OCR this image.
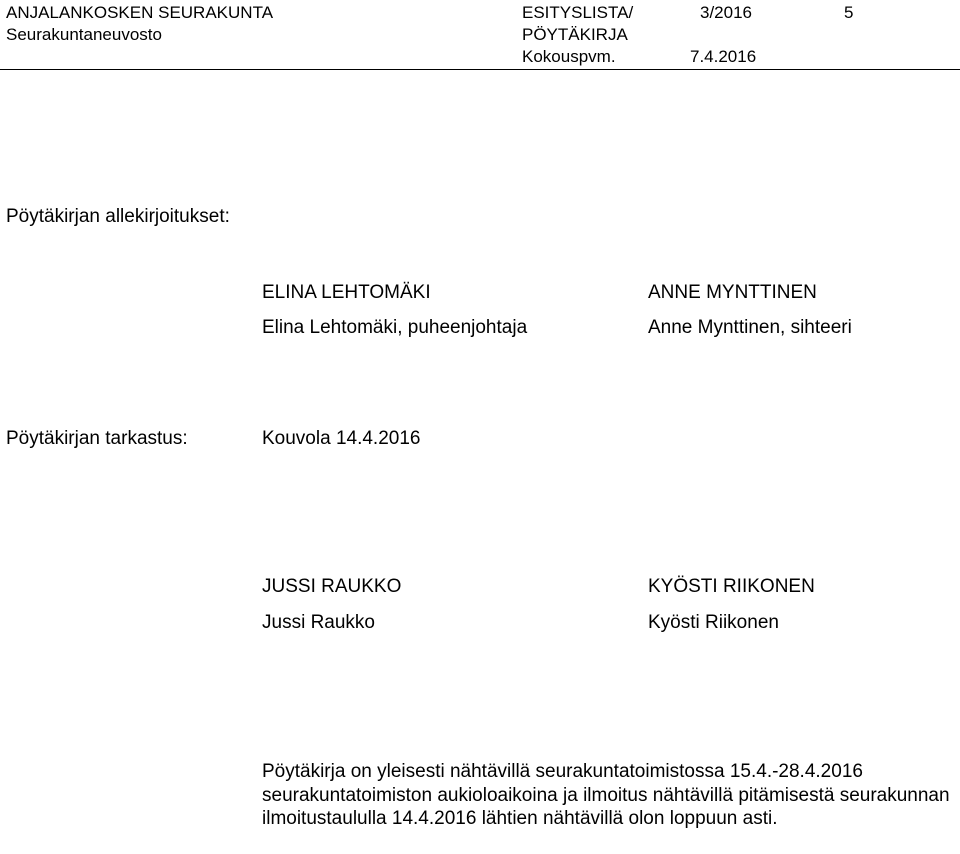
ANJALANKOSKEN SEURAKUNTA
Seurakuntaneuvosto
ESITYSLISTA/
PÖYTÄKIRJA
Kokouspvm.
3/2016
7.4.2016
5
Pöytäkirjan allekirjoitukset:
ELINA LEHTOMÄKI
Elina Lehtomäki, puheenjohtaja
ANNE MYNTTINEN
Anne Mynttinen, sihteeri
Pöytäkirjan tarkastus:	Kouvola 14.4.2016
JUSSI RAUKKO
Jussi Raukko
KYÖSTI RIIKONEN
Kyösti Riikonen
Pöytäkirja on yleisesti nähtävillä seurakuntatoimistossa 15.4.-28.4.2016 seurakuntatoimiston aukioloaikoina ja ilmoitus nähtävillä pitämisestä seurakunnan ilmoitustaululla 14.4.2016 lähtien nähtävillä olon loppuun asti.
